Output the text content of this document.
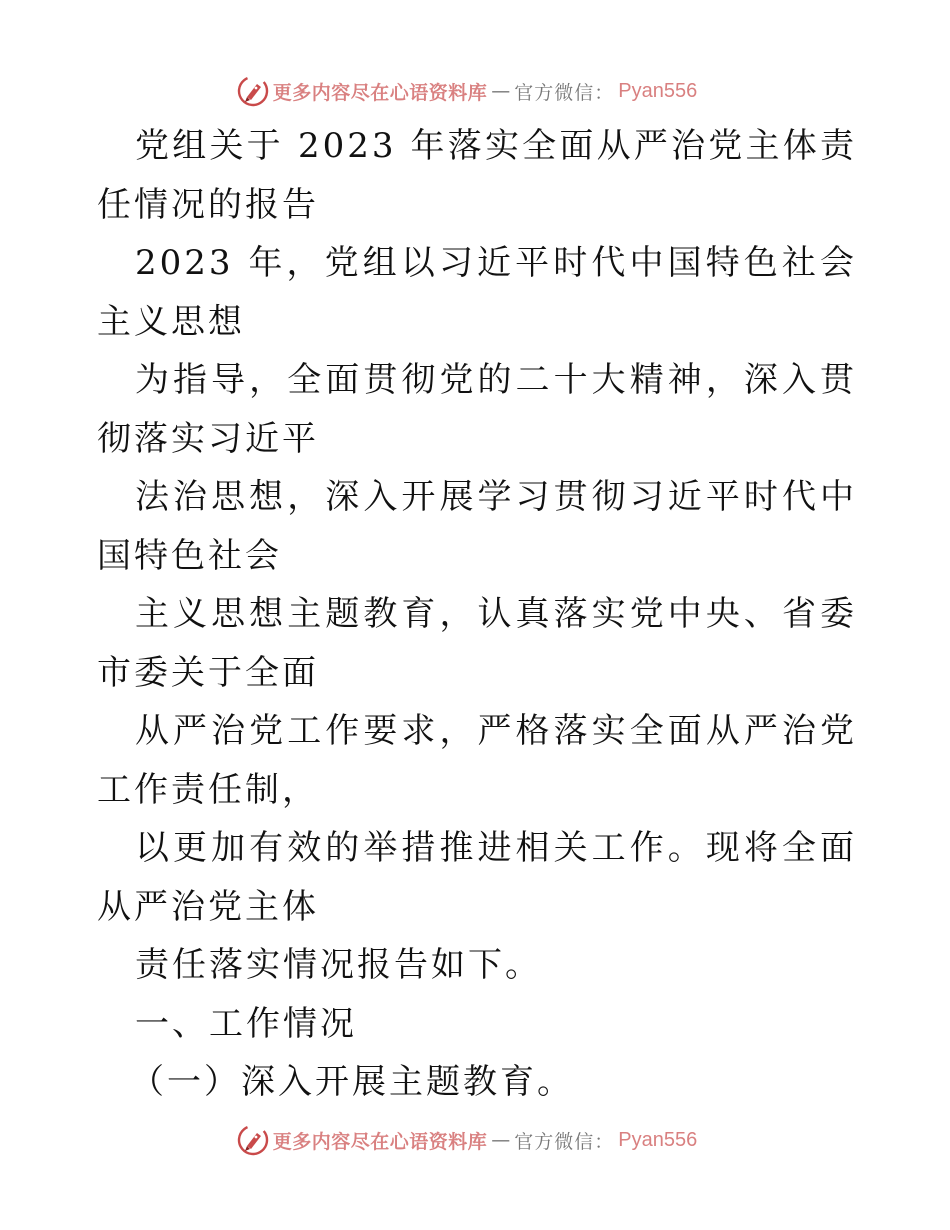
更多内容尽在心语资料库 — 官方微信： Pyan556

党组关于 2023 年落实全面从严治党主体责任情况的报告

2023 年，党组以习近平时代中国特色社会主义思想

为指导，全面贯彻党的二十大精神，深入贯彻落实习近平

法治思想，深入开展学习贯彻习近平时代中国特色社会

主义思想主题教育，认真落实党中央、省委市委关于全面

从严治党工作要求，严格落实全面从严治党工作责任制，

以更加有效的举措推进相关工作。现将全面从严治党主体

责任落实情况报告如下。

一、工作情况

（一）深入开展主题教育。

更多内容尽在心语资料库 — 官方微信： Pyan556
